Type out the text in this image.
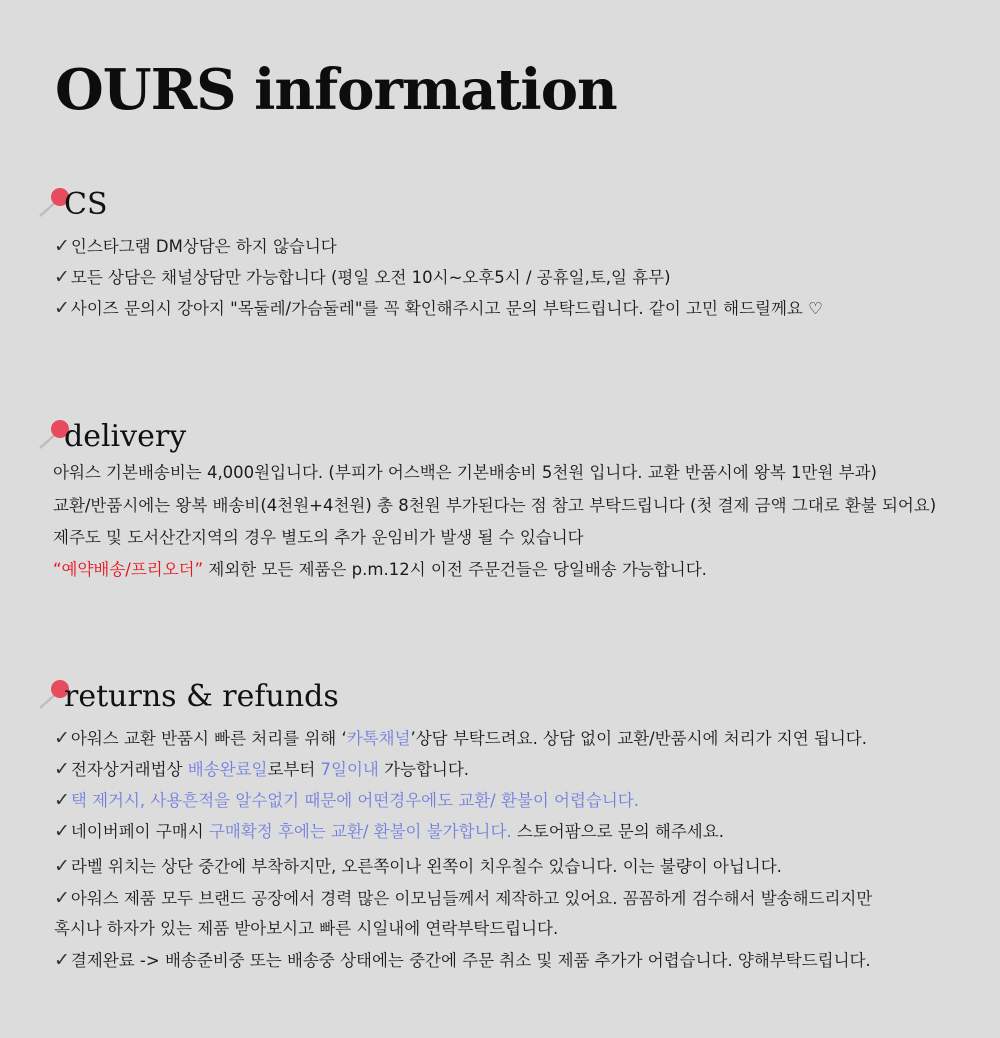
OURS information
CS
✓인스타그램 DM상담은 하지 않습니다
✓모든 상담은 채널상담만 가능합니다 (평일 오전 10시~오후5시 / 공휴일,토,일 휴무)
✓사이즈 문의시 강아지 "목둘레/가슴둘레"를 꼭 확인해주시고 문의 부탁드립니다. 같이 고민 해드릴께요 ♡
delivery
아워스 기본배송비는 4,000원입니다. (부피가 어스백은 기본배송비 5천원 입니다. 교환 반품시에 왕복 1만원 부과)
교환/반품시에는 왕복 배송비(4천원+4천원) 총 8천원 부가된다는 점 참고 부탁드립니다 (첫 결제 금액 그대로 환불 되어요)
제주도 및 도서산간지역의 경우 별도의 추가 운임비가 발생 될 수 있습니다
“예약배송/프리오더” 제외한 모든 제품은 p.m.12시 이전 주문건들은 당일배송 가능합니다.
returns & refunds
✓아워스 교환 반품시 빠른 처리를 위해 ‘카톡채널’상담 부탁드려요. 상담 없이 교환/반품시에 처리가 지연 됩니다.
✓전자상거래법상 배송완료일로부터 7일이내 가능합니다.
✓택 제거시, 사용흔적을 알수없기 때문에 어떤경우에도 교환/ 환불이 어렵습니다.
✓네이버페이 구매시 구매확정 후에는 교환/ 환불이 불가합니다. 스토어팜으로 문의 해주세요.
✓라벨 위치는 상단 중간에 부착하지만, 오른쪽이나 왼쪽이 치우칠수 있습니다. 이는 불량이 아닙니다.
✓아워스 제품 모두 브랜드 공장에서 경력 많은 이모님들께서 제작하고 있어요. 꼼꼼하게 검수해서 발송해드리지만
혹시나 하자가 있는 제품 받아보시고 빠른 시일내에 연락부탁드립니다.
✓결제완료 -> 배송준비중 또는 배송중 상태에는 중간에 주문 취소 및 제품 추가가 어렵습니다. 양해부탁드립니다.
